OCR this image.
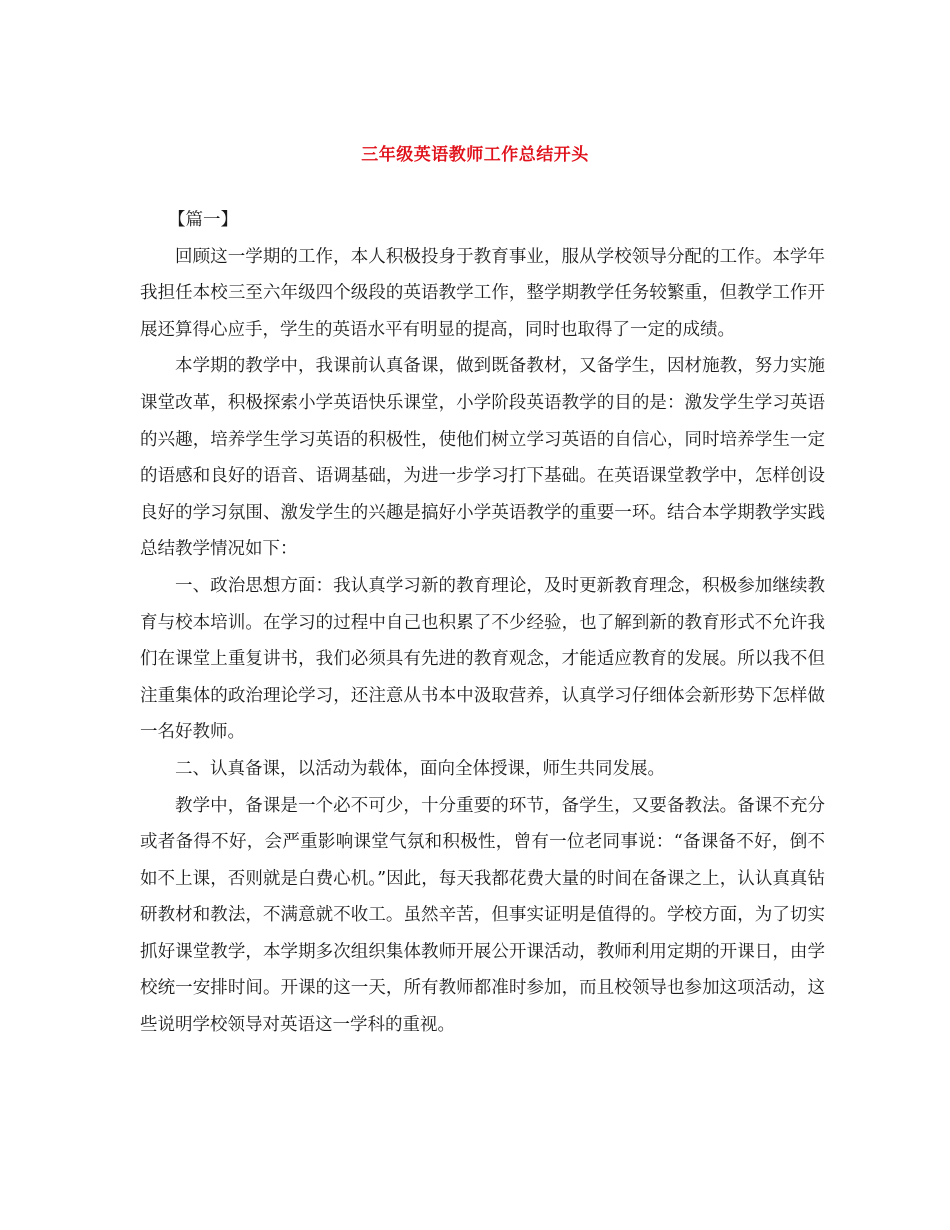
三年级英语教师工作总结开头
【篇一】

回顾这一学期的工作，本人积极投身于教育事业，服从学校领导分配的工作。本学年我担任本校三至六年级四个级段的英语教学工作，整学期教学任务较繁重，但教学工作开展还算得心应手，学生的英语水平有明显的提高，同时也取得了一定的成绩。

本学期的教学中，我课前认真备课，做到既备教材，又备学生，因材施教，努力实施课堂改革，积极探索小学英语快乐课堂，小学阶段英语教学的目的是：激发学生学习英语的兴趣，培养学生学习英语的积极性，使他们树立学习英语的自信心，同时培养学生一定的语感和良好的语音、语调基础，为进一步学习打下基础。在英语课堂教学中，怎样创设良好的学习氛围、激发学生的兴趣是搞好小学英语教学的重要一环。结合本学期教学实践总结教学情况如下：

一、政治思想方面：我认真学习新的教育理论，及时更新教育理念，积极参加继续教育与校本培训。在学习的过程中自己也积累了不少经验，也了解到新的教育形式不允许我们在课堂上重复讲书，我们必须具有先进的教育观念，才能适应教育的发展。所以我不但注重集体的政治理论学习，还注意从书本中汲取营养，认真学习仔细体会新形势下怎样做一名好教师。

二、认真备课，以活动为载体，面向全体授课，师生共同发展。

教学中，备课是一个必不可少，十分重要的环节，备学生，又要备教法。备课不充分或者备得不好，会严重影响课堂气氛和积极性，曾有一位老同事说：“备课备不好，倒不如不上课，否则就是白费心机。”因此，每天我都花费大量的时间在备课之上，认认真真钻研教材和教法，不满意就不收工。虽然辛苦，但事实证明是值得的。学校方面，为了切实抓好课堂教学，本学期多次组织集体教师开展公开课活动，教师利用定期的开课日，由学校统一安排时间。开课的这一天，所有教师都准时参加，而且校领导也参加这项活动，这些说明学校领导对英语这一学科的重视。
